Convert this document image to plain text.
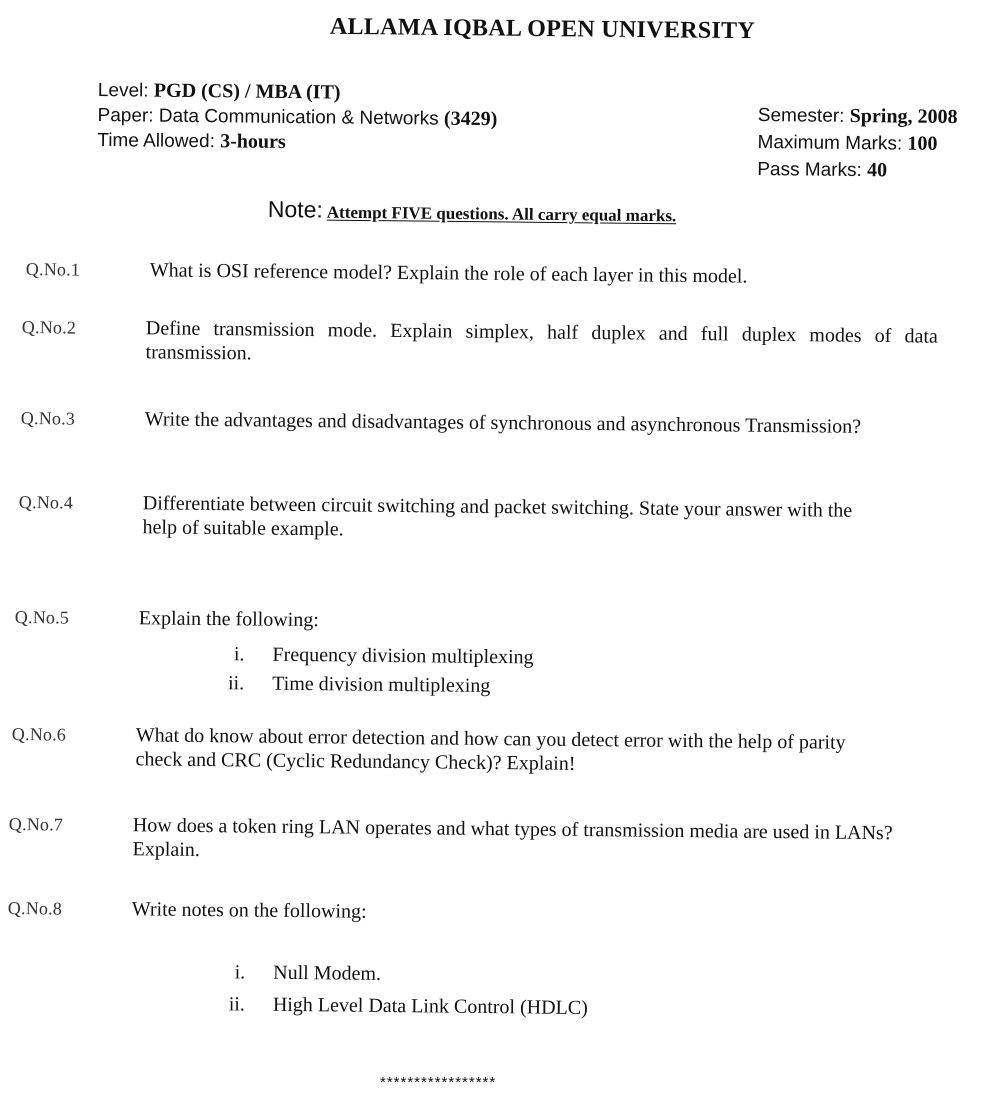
ALLAMA IQBAL OPEN UNIVERSITY
Level: PGD (CS) / MBA (IT)
Paper: Data Communication & Networks (3429)
Time Allowed: 3-hours
Semester: Spring, 2008
Maximum Marks: 100
Pass Marks: 40
Note: Attempt FIVE questions. All carry equal marks.
Q.No.1	What is OSI reference model? Explain the role of each layer in this model.
Q.No.2	Define transmission mode. Explain simplex, half duplex and full duplex modes of data transmission.
Q.No.3	Write the advantages and disadvantages of synchronous and asynchronous Transmission?
Q.No.4	Differentiate between circuit switching and packet switching. State your answer with the help of suitable example.
Q.No.5	Explain the following:
i. Frequency division multiplexing
ii. Time division multiplexing
Q.No.6	What do know about error detection and how can you detect error with the help of parity check and CRC (Cyclic Redundancy Check)? Explain!
Q.No.7	How does a token ring LAN operates and what types of transmission media are used in LANs? Explain.
Q.No.8	Write notes on the following:
i. Null Modem.
ii. High Level Data Link Control (HDLC)
*****************
